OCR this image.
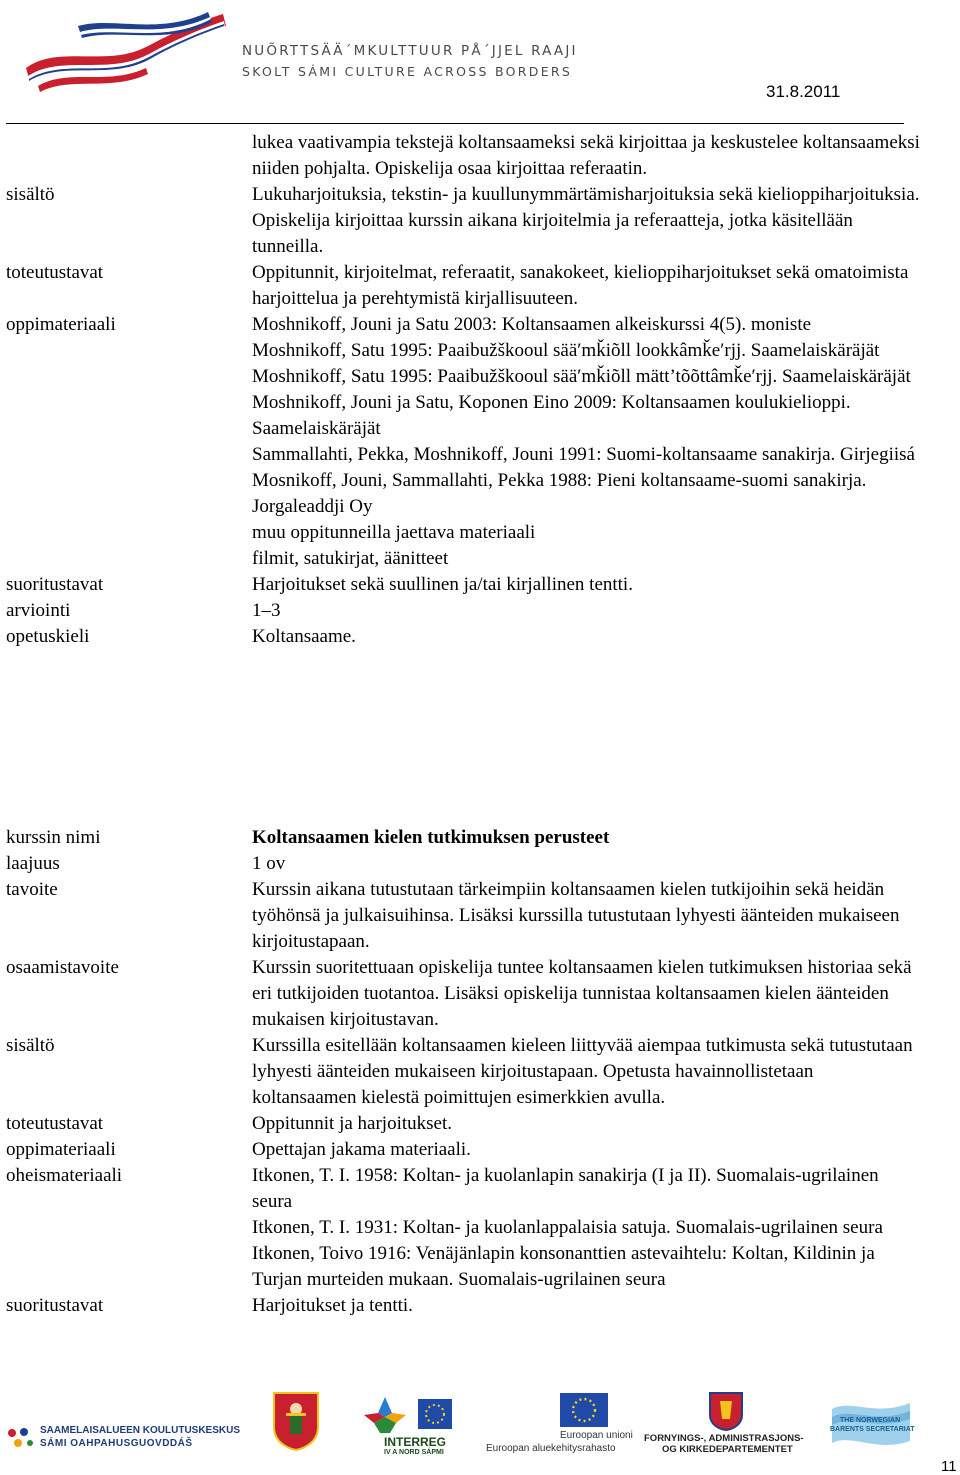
NUÕRTTSÄÄ´MKULTTUUR PÅ´JJEL RAAJI
SKOLT SÁMI CULTURE ACROSS BORDERS
31.8.2011

lukea vaativampia tekstejä koltansaameksi sekä kirjoittaa ja keskustelee koltansaameksi niiden pohjalta. Opiskelija osaa kirjoittaa referaatin.

sisältö	Lukuharjoituksia, tekstin- ja kuullunymmärtämisharjoituksia sekä kielioppiharjoituksia. Opiskelija kirjoittaa kurssin aikana kirjoitelmia ja referaatteja, jotka käsitellään tunneilla.

toteutustavat	Oppitunnit, kirjoitelmat, referaatit, sanakokeet, kielioppiharjoitukset sekä omatoimista harjoittelua ja perehtymistä kirjallisuuteen.

oppimateriaali	Moshnikoff, Jouni ja Satu 2003: Koltansaamen alkeiskurssi 4(5). moniste

Moshnikoff, Satu 1995: Paaibužškooul sää′mǩiõll lookkâmǩe′rjj. Saamelaiskäräjät

Moshnikoff, Satu 1995: Paaibužškooul sää′mǩiõll mätt’tõõttâmǩe′rjj. Saamelaiskäräjät

Moshnikoff, Jouni ja Satu, Koponen Eino 2009: Koltansaamen koulukielioppi. Saamelaiskäräjät

Sammallahti, Pekka, Moshnikoff, Jouni 1991: Suomi-koltansaame sanakirja. Girjegiisá

Mosnikoff, Jouni, Sammallahti, Pekka 1988: Pieni koltansaame-suomi sanakirja. Jorgaleaddji Oy

muu oppitunneilla jaettava materiaali

filmit, satukirjat, äänitteet

suoritustavat	Harjoitukset sekä suullinen ja/tai kirjallinen tentti.

arviointi	1–3

opetuskieli	Koltansaame.

kurssin nimi	Koltansaamen kielen tutkimuksen perusteet

laajuus	1 ov

tavoite	Kurssin aikana tutustutaan tärkeimpiin koltansaamen kielen tutkijoihin sekä heidän työhönsä ja julkaisuihinsa. Lisäksi kurssilla tutustutaan lyhyesti äänteiden mukaiseen kirjoitustapaan.

osaamistavoite	Kurssin suoritettuaan opiskelija tuntee koltansaamen kielen tutkimuksen historiaa sekä eri tutkijoiden tuotantoa. Lisäksi opiskelija tunnistaa koltansaamen kielen äänteiden mukaisen kirjoitustavan.

sisältö	Kurssilla esitellään koltansaamen kieleen liittyvää aiempaa tutkimusta sekä tutustutaan lyhyesti äänteiden mukaiseen kirjoitustapaan. Opetusta havainnollistetaan koltansaamen kielestä poimittujen esimerkkien avulla.

toteutustavat	Oppitunnit ja harjoitukset.

oppimateriaali	Opettajan jakama materiaali.

oheismateriaali	Itkonen, T. I. 1958: Koltan- ja kuolanlapin sanakirja (I ja II). Suomalais-ugrilainen seura

Itkonen, T. I. 1931: Koltan- ja kuolanlappalaisia satuja. Suomalais-ugrilainen seura

Itkonen, Toivo 1916: Venäjänlapin konsonanttien astevaihtelu: Koltan, Kildinin ja Turjan murteiden mukaan. Suomalais-ugrilainen seura

suoritustavat	Harjoitukset ja tentti.

SAAMELAISALUEEN KOULUTUSKESKUS
SÁMI OAHPAHUSGUOVDDÁŠ	INTERREG
IV A NORD SÁPMI
Euroopan unioni
Euroopan aluekehitysrahasto
FORNYINGS-, ADMINISTRASJONS-
OG KIRKEDEPARTEMENTET
THE NORWEGIAN
BARENTS SECRETARIAT
11
